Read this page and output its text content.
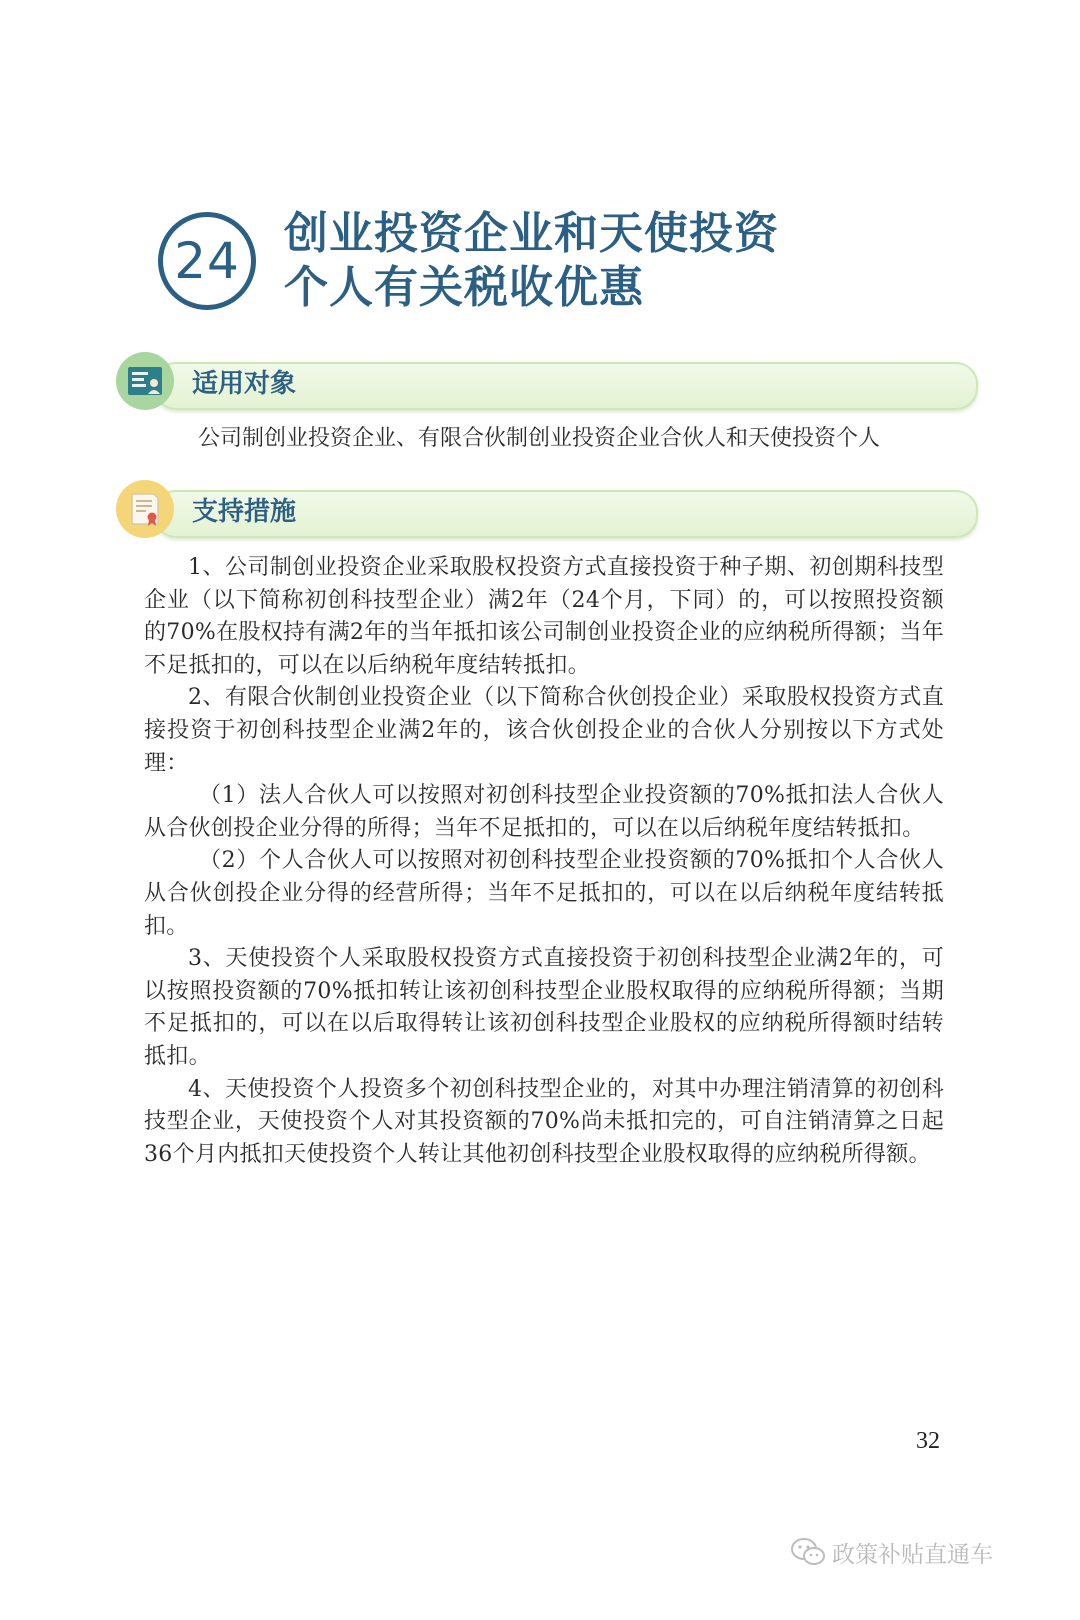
24	创业投资企业和天使投资
个人有关税收优惠
适用对象
公司制创业投资企业、有限合伙制创业投资企业合伙人和天使投资个人
支持措施

1、公司制创业投资企业采取股权投资方式直接投资于种子期、初创期科技型企业（以下简称初创科技型企业）满2年（24个月，下同）的，可以按照投资额的70%在股权持有满2年的当年抵扣该公司制创业投资企业的应纳税所得额；当年不足抵扣的，可以在以后纳税年度结转抵扣。

2、有限合伙制创业投资企业（以下简称合伙创投企业）采取股权投资方式直接投资于初创科技型企业满2年的，该合伙创投企业的合伙人分别按以下方式处理：

（1）法人合伙人可以按照对初创科技型企业投资额的70%抵扣法人合伙人从合伙创投企业分得的所得；当年不足抵扣的，可以在以后纳税年度结转抵扣。

（2）个人合伙人可以按照对初创科技型企业投资额的70%抵扣个人合伙人从合伙创投企业分得的经营所得；当年不足抵扣的，可以在以后纳税年度结转抵扣。

3、天使投资个人采取股权投资方式直接投资于初创科技型企业满2年的，可以按照投资额的70%抵扣转让该初创科技型企业股权取得的应纳税所得额；当期不足抵扣的，可以在以后取得转让该初创科技型企业股权的应纳税所得额时结转抵扣。

4、天使投资个人投资多个初创科技型企业的，对其中办理注销清算的初创科技型企业，天使投资个人对其投资额的70%尚未抵扣完的，可自注销清算之日起36个月内抵扣天使投资个人转让其他初创科技型企业股权取得的应纳税所得额。

32
政策补贴直通车
